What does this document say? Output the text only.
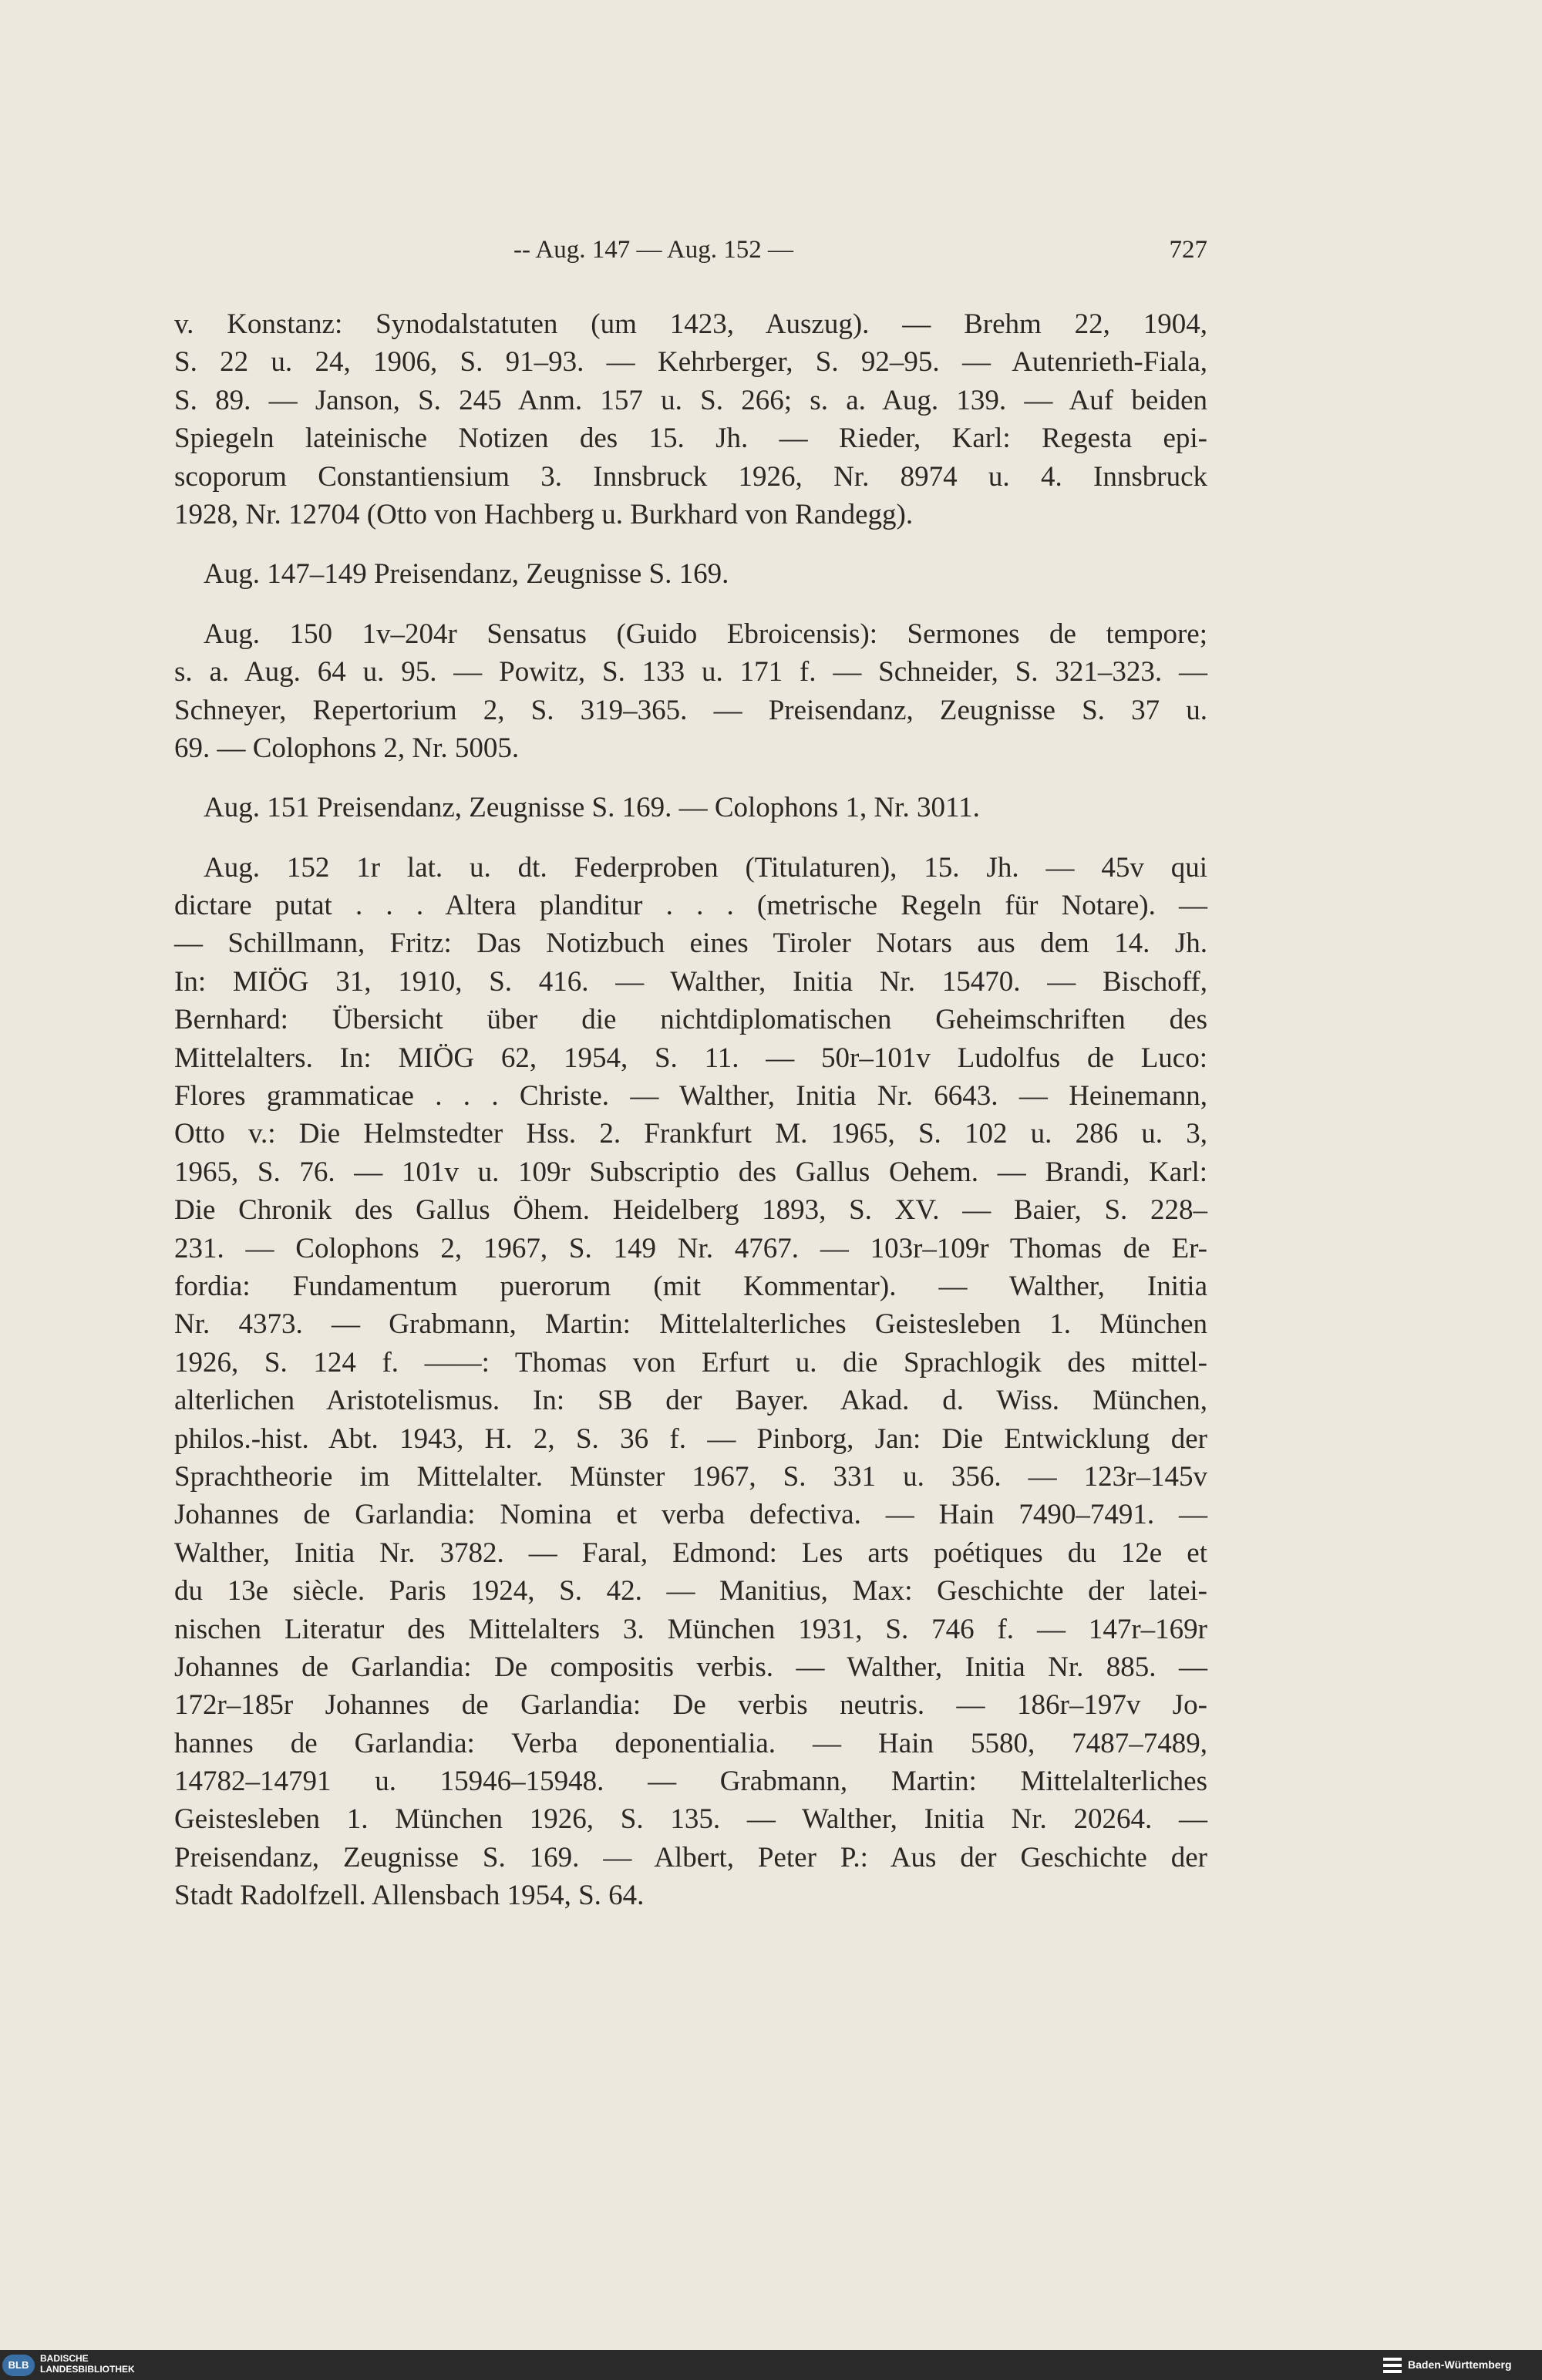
-- Aug. 147 — Aug. 152 —	727
v. Konstanz: Synodalstatuten (um 1423, Auszug). — Brehm 22, 1904,
S. 22 u. 24, 1906, S. 91–93. — Kehrberger, S. 92–95. — Autenrieth-Fiala,
S. 89. — Janson, S. 245 Anm. 157 u. S. 266; s. a. Aug. 139. — Auf beiden
Spiegeln lateinische Notizen des 15. Jh. — Rieder, Karl: Regesta epi-
scoporum Constantiensium 3. Innsbruck 1926, Nr. 8974 u. 4. Innsbruck
1928, Nr. 12704 (Otto von Hachberg u. Burkhard von Randegg).
Aug. 147–149 Preisendanz, Zeugnisse S. 169.
Aug. 150 1v–204r Sensatus (Guido Ebroicensis): Sermones de tempore;
s. a. Aug. 64 u. 95. — Powitz, S. 133 u. 171 f. — Schneider, S. 321–323. —
Schneyer, Repertorium 2, S. 319–365. — Preisendanz, Zeugnisse S. 37 u.
69. — Colophons 2, Nr. 5005.
Aug. 151 Preisendanz, Zeugnisse S. 169. — Colophons 1, Nr. 3011.
Aug. 152 1r lat. u. dt. Federproben (Titulaturen), 15. Jh. — 45v qui
dictare putat . . . Altera planditur . . . (metrische Regeln für Notare). —
— Schillmann, Fritz: Das Notizbuch eines Tiroler Notars aus dem 14. Jh.
In: MIÖG 31, 1910, S. 416. — Walther, Initia Nr. 15470. — Bischoff,
Bernhard: Übersicht über die nichtdiplomatischen Geheimschriften des
Mittelalters. In: MIÖG 62, 1954, S. 11. — 50r–101v Ludolfus de Luco:
Flores grammaticae . . . Christe. — Walther, Initia Nr. 6643. — Heinemann,
Otto v.: Die Helmstedter Hss. 2. Frankfurt M. 1965, S. 102 u. 286 u. 3,
1965, S. 76. — 101v u. 109r Subscriptio des Gallus Oehem. — Brandi, Karl:
Die Chronik des Gallus Öhem. Heidelberg 1893, S. XV. — Baier, S. 228–
231. — Colophons 2, 1967, S. 149 Nr. 4767. — 103r–109r Thomas de Er-
fordia: Fundamentum puerorum (mit Kommentar). — Walther, Initia
Nr. 4373. — Grabmann, Martin: Mittelalterliches Geistesleben 1. München
1926, S. 124 f. ——: Thomas von Erfurt u. die Sprachlogik des mittel-
alterlichen Aristotelismus. In: SB der Bayer. Akad. d. Wiss. München,
philos.-hist. Abt. 1943, H. 2, S. 36 f. — Pinborg, Jan: Die Entwicklung der
Sprachtheorie im Mittelalter. Münster 1967, S. 331 u. 356. — 123r–145v
Johannes de Garlandia: Nomina et verba defectiva. — Hain 7490–7491. —
Walther, Initia Nr. 3782. — Faral, Edmond: Les arts poétiques du 12e et
du 13e siècle. Paris 1924, S. 42. — Manitius, Max: Geschichte der latei-
nischen Literatur des Mittelalters 3. München 1931, S. 746 f. — 147r–169r
Johannes de Garlandia: De compositis verbis. — Walther, Initia Nr. 885. —
172r–185r Johannes de Garlandia: De verbis neutris. — 186r–197v Jo-
hannes de Garlandia: Verba deponentialia. — Hain 5580, 7487–7489,
14782–14791 u. 15946–15948. — Grabmann, Martin: Mittelalterliches
Geistesleben 1. München 1926, S. 135. — Walther, Initia Nr. 20264. —
Preisendanz, Zeugnisse S. 169. — Albert, Peter P.: Aus der Geschichte der
Stadt Radolfzell. Allensbach 1954, S. 64.
BLB
BADISCHE
LANDESBIBLIOTHEK	Baden-Württemberg
